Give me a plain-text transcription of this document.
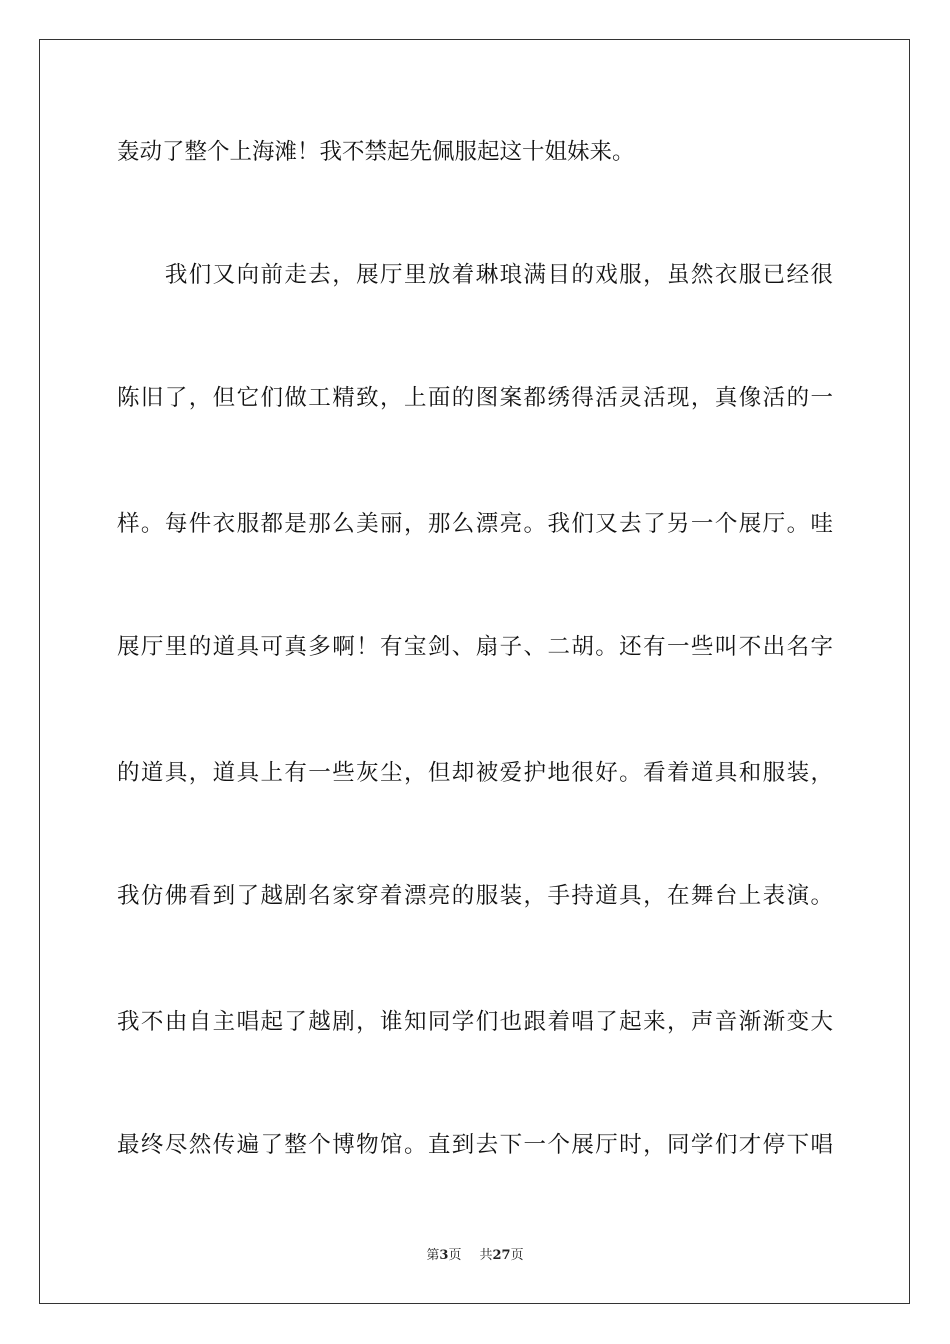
轰动了整个上海滩！我不禁起先佩服起这十姐妹来。
　　我们又向前走去，展厅里放着琳琅满目的戏服，虽然衣服已经很
陈旧了，但它们做工精致，上面的图案都绣得活灵活现，真像活的一
样。每件衣服都是那么美丽，那么漂亮。我们又去了另一个展厅。哇
展厅里的道具可真多啊！有宝剑、扇子、二胡。还有一些叫不出名字
的道具，道具上有一些灰尘，但却被爱护地很好。看着道具和服装，
我仿佛看到了越剧名家穿着漂亮的服装，手持道具，在舞台上表演。
我不由自主唱起了越剧，谁知同学们也跟着唱了起来，声音渐渐变大
最终尽然传遍了整个博物馆。直到去下一个展厅时，同学们才停下唱
第3页 共27页
